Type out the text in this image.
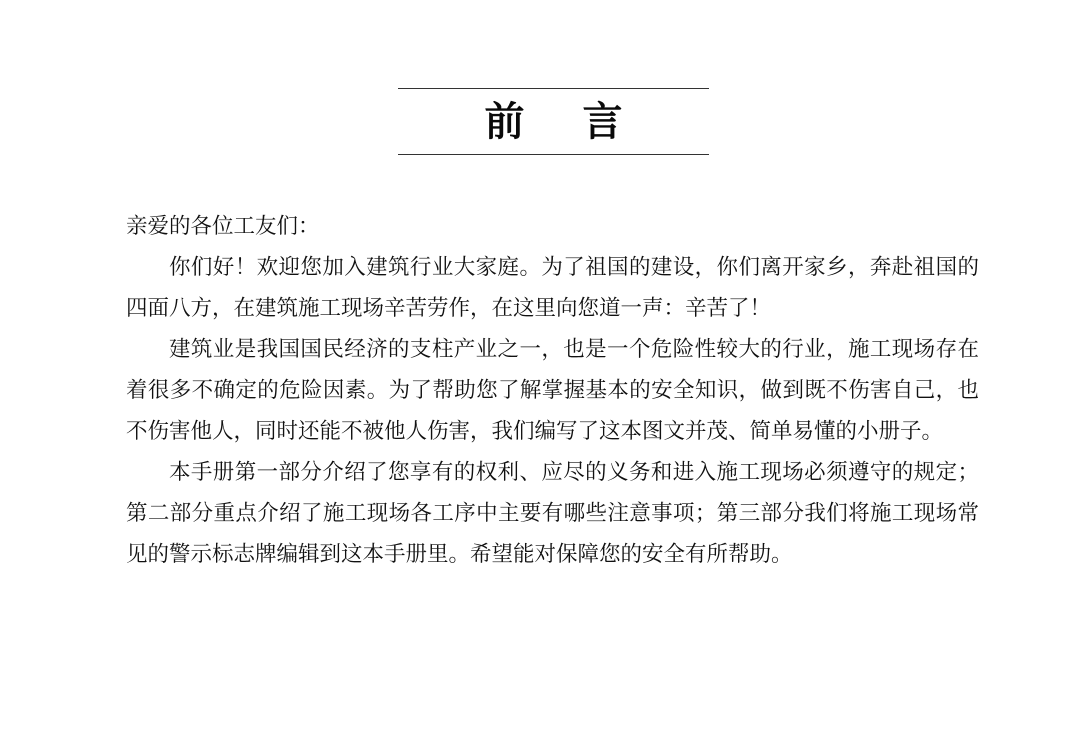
前 言

亲爱的各位工友们：

你们好！欢迎您加入建筑行业大家庭。为了祖国的建设，你们离开家乡，奔赴祖国的四面八方，在建筑施工现场辛苦劳作，在这里向您道一声：辛苦了！

建筑业是我国国民经济的支柱产业之一，也是一个危险性较大的行业，施工现场存在着很多不确定的危险因素。为了帮助您了解掌握基本的安全知识，做到既不伤害自己，也不伤害他人，同时还能不被他人伤害，我们编写了这本图文并茂、简单易懂的小册子。

本手册第一部分介绍了您享有的权利、应尽的义务和进入施工现场必须遵守的规定；第二部分重点介绍了施工现场各工序中主要有哪些注意事项；第三部分我们将施工现场常见的警示标志牌编辑到这本手册里。希望能对保障您的安全有所帮助。
